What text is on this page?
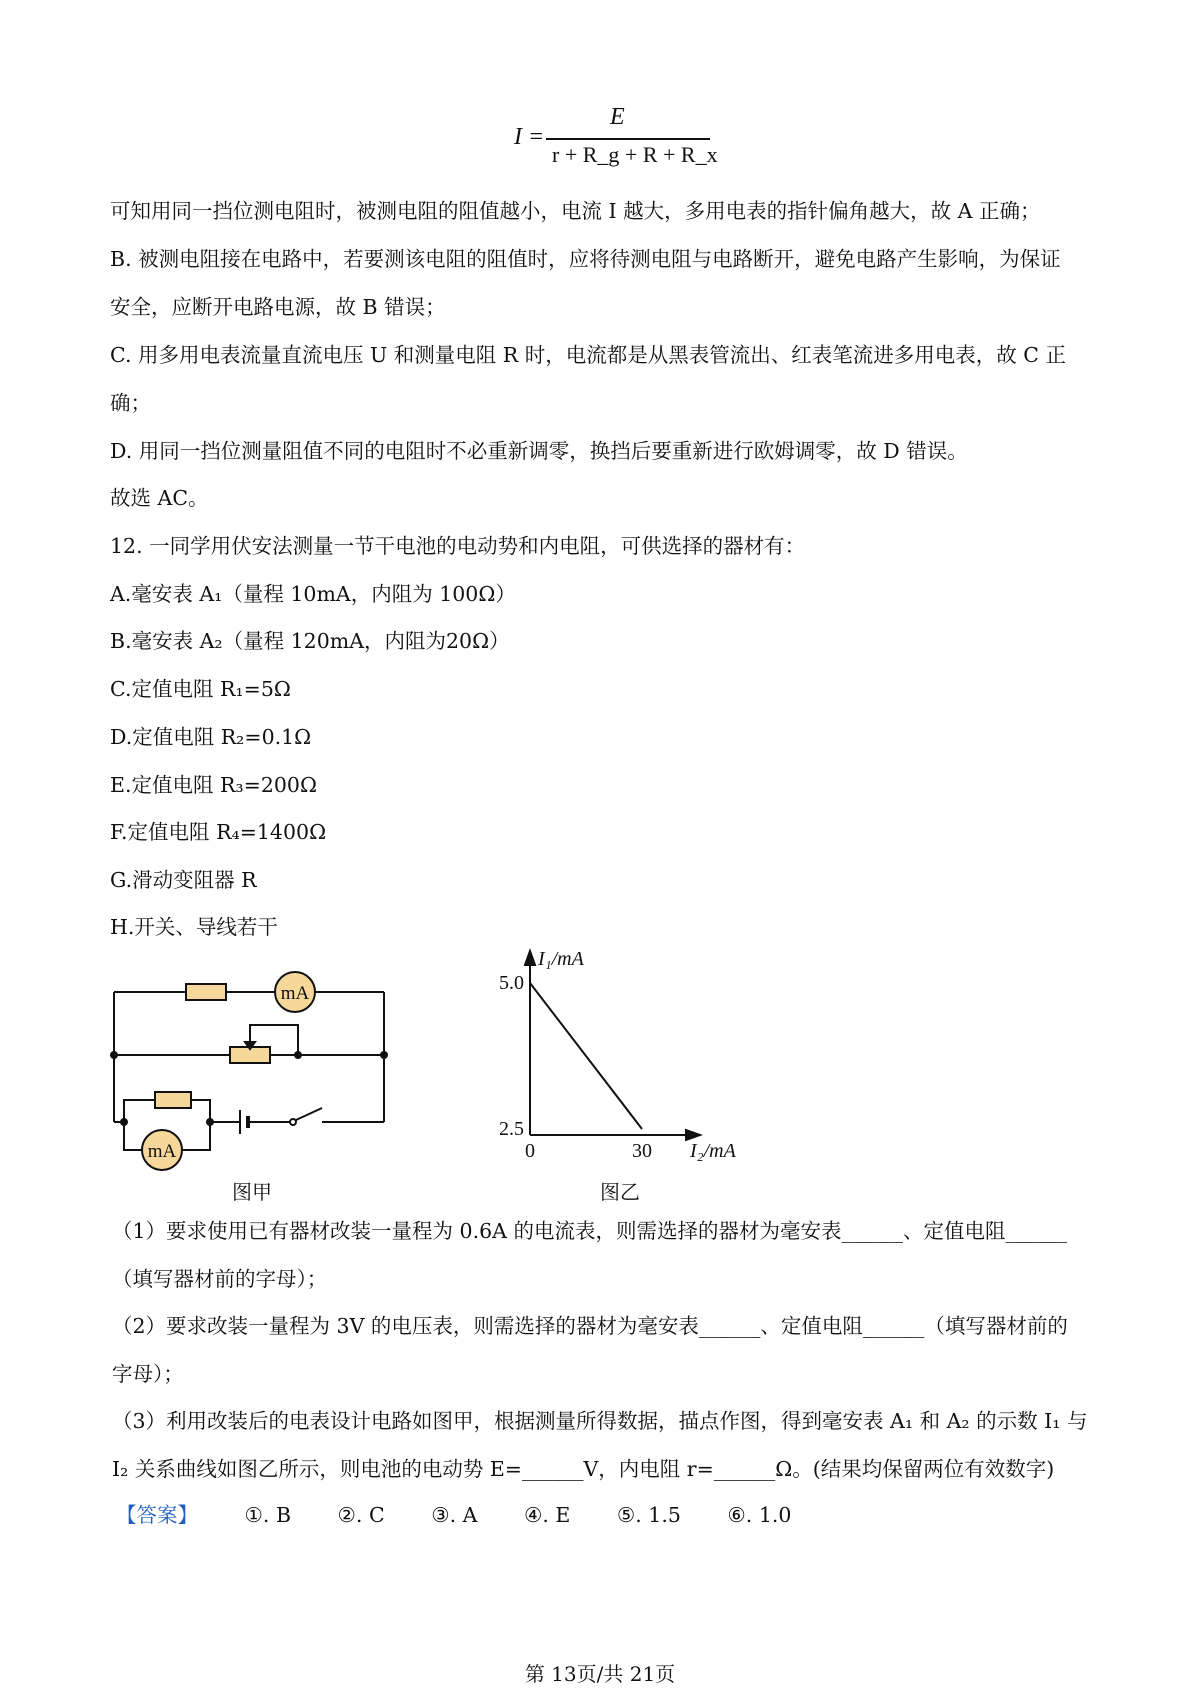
I =
E
r + R_g + R + R_x
可知用同一挡位测电阻时，被测电阻的阻值越小，电流 I 越大，多用电表的指针偏角越大，故 A 正确；
B. 被测电阻接在电路中，若要测该电阻的阻值时，应将待测电阻与电路断开，避免电路产生影响，为保证
安全，应断开电路电源，故 B 错误；
C. 用多用电表流量直流电压 U 和测量电阻 R 时，电流都是从黑表管流出、红表笔流进多用电表，故 C 正
确；
D. 用同一挡位测量阻值不同的电阻时不必重新调零，换挡后要重新进行欧姆调零，故 D 错误。
故选 AC。
12. 一同学用伏安法测量一节干电池的电动势和内电阻，可供选择的器材有：
A.毫安表 A₁（量程 10mA，内阻为 100Ω）
B.毫安表 A₂（量程 120mA，内阻为20Ω）
C.定值电阻 R₁=5Ω
D.定值电阻 R₂=0.1Ω
E.定值电阻 R₃=200Ω
F.定值电阻 R₄=1400Ω
G.滑动变阻器 R
H.开关、导线若干
mA
mA
图甲
I₁/mA
5.0
2.5
0	30 I₂/mA
图乙
（1）要求使用已有器材改装一量程为 0.6A 的电流表，则需选择的器材为毫安表______、定值电阻______
（填写器材前的字母）；
（2）要求改装一量程为 3V 的电压表，则需选择的器材为毫安表______、定值电阻______（填写器材前的
字母）；
（3）利用改装后的电表设计电路如图甲，根据测量所得数据，描点作图，得到毫安表 A₁ 和 A₂ 的示数 I₁ 与
I₂ 关系曲线如图乙所示，则电池的电动势 E=______V，内电阻 r=______Ω。(结果均保留两位有效数字)
【答案】 ①. B ②. C ③. A ④. E ⑤. 1.5 ⑥. 1.0
第 13页/共 21页
